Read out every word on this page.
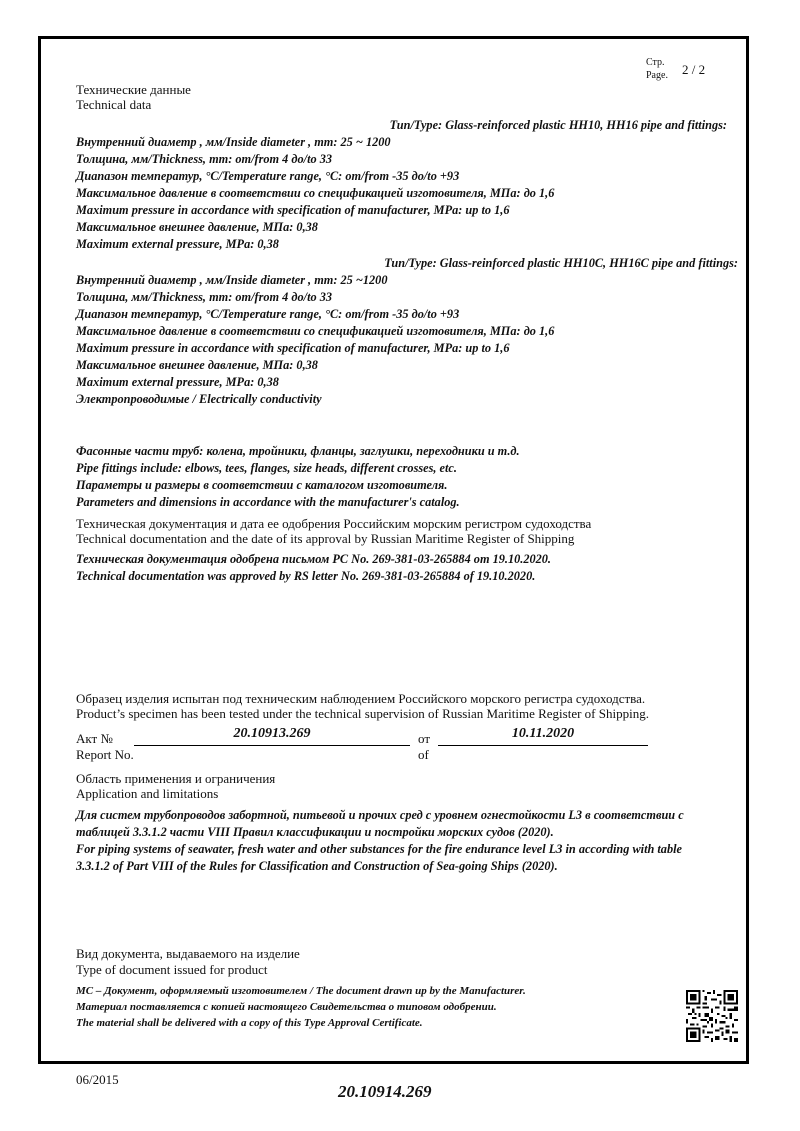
Стр.
Page. 2 / 2
Технические данные
Technical data
Тип/Type: Glass-reinforced plastic HH10, HH16 pipe and fittings:
Внутренний диаметр , мм/Inside diameter , mm: 25 ~ 1200
Толщина, мм/Thickness, mm: от/from 4 до/to 33
Диапазон температур, °C/Temperature range, °C: от/from -35 до/to +93
Максимальное давление в соответствии со спецификацией изготовителя, МПа: до 1,6
Maximum pressure in accordance with specification of manufacturer, MPa: up to 1,6
Максимальное внешнее давление, МПа: 0,38
Maximum external pressure, MPa: 0,38
Тип/Type: Glass-reinforced plastic HH10C, HH16C pipe and fittings:
Внутренний диаметр , мм/Inside diameter , mm: 25 ~1200
Толщина, мм/Thickness, mm: от/from 4 до/to 33
Диапазон температур, °C/Temperature range, °C: от/from -35 до/to +93
Максимальное давление в соответствии со спецификацией изготовителя, МПа: до 1,6
Maximum pressure in accordance with specification of manufacturer, MPa: up to 1,6
Максимальное внешнее давление, МПа: 0,38
Maximum external pressure, MPa: 0,38
Электропроводимые / Electrically conductivity
Фасонные части труб: колена, тройники, фланцы, заглушки, переходники и т.д.
Pipe fittings include: elbows, tees, flanges, size heads, different crosses, etc.
Параметры и размеры в соответствии с каталогом изготовителя.
Parameters and dimensions in accordance with the manufacturer's catalog.
Техническая документация и дата ее одобрения Российским морским регистром судоходства
Technical documentation and the date of its approval by Russian Maritime Register of Shipping
Техническая документация одобрена письмом РС No. 269-381-03-265884 от 19.10.2020.
Technical documentation was approved by RS letter No. 269-381-03-265884 of 19.10.2020.
Образец изделия испытан под техническим наблюдением Российского морского регистра судоходства.
Product’s specimen has been tested under the technical supervision of Russian Maritime Register of Shipping.
Акт №
Report No.
20.10913.269	от
of
10.11.2020
Область применения и ограничения
Application and limitations
Для систем трубопроводов забортной, питьевой и прочих сред с уровнем огнестойкости L3 в соответствии с
таблицей 3.3.1.2 части VIII Правил классификации и постройки морских судов (2020).
For piping systems of seawater, fresh water and other substances for the fire endurance level L3 in according with table
3.3.1.2 of Part VIII of the Rules for Classification and Construction of Sea-going Ships (2020).
Вид документа, выдаваемого на изделие
Type of document issued for product
МС – Документ, оформляемый изготовителем / The document drawn up by the Manufacturer.
Материал поставляется с копией настоящего Свидетельства о типовом одобрении.
The material shall be delivered with a copy of this Type Approval Certificate.
06/2015
20.10914.269
